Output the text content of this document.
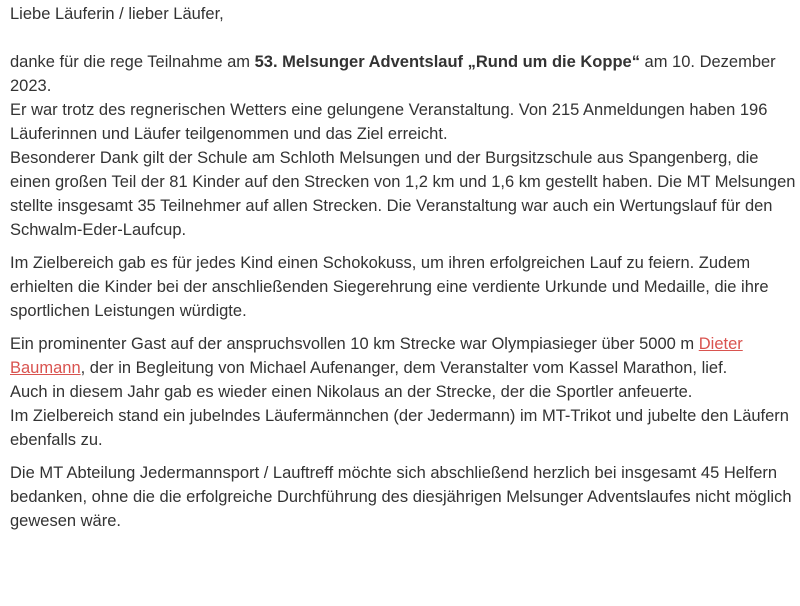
Liebe Läuferin / lieber Läufer,

danke für die rege Teilnahme am 53. Melsunger Adventslauf „Rund um die Koppe“ am 10. Dezember 2023.
Er war trotz des regnerischen Wetters eine gelungene Veranstaltung. Von 215 Anmeldungen haben 196 Läuferinnen und Läufer teilgenommen und das Ziel erreicht.
Besonderer Dank gilt der Schule am Schloth Melsungen und der Burgsitzschule aus Spangenberg, die einen großen Teil der 81 Kinder auf den Strecken von 1,2 km und 1,6 km gestellt haben. Die MT Melsungen stellte insgesamt 35 Teilnehmer auf allen Strecken. Die Veranstaltung war auch ein Wertungslauf für den Schwalm-Eder-Laufcup.

Im Zielbereich gab es für jedes Kind einen Schokokuss, um ihren erfolgreichen Lauf zu feiern. Zudem erhielten die Kinder bei der anschließenden Siegerehrung eine verdiente Urkunde und Medaille, die ihre sportlichen Leistungen würdigte.

Ein prominenter Gast auf der anspruchsvollen 10 km Strecke war Olympiasieger über 5000 m Dieter Baumann, der in Begleitung von Michael Aufenanger, dem Veranstalter vom Kassel Marathon, lief.
Auch in diesem Jahr gab es wieder einen Nikolaus an der Strecke, der die Sportler anfeuerte.
Im Zielbereich stand ein jubelndes Läufermännchen (der Jedermann) im MT-Trikot und jubelte den Läufern ebenfalls zu.

Die MT Abteilung Jedermannsport / Lauftreff möchte sich abschließend herzlich bei insgesamt 45 Helfern bedanken, ohne die die erfolgreiche Durchführung des diesjährigen Melsunger Adventslaufes nicht möglich gewesen wäre.
